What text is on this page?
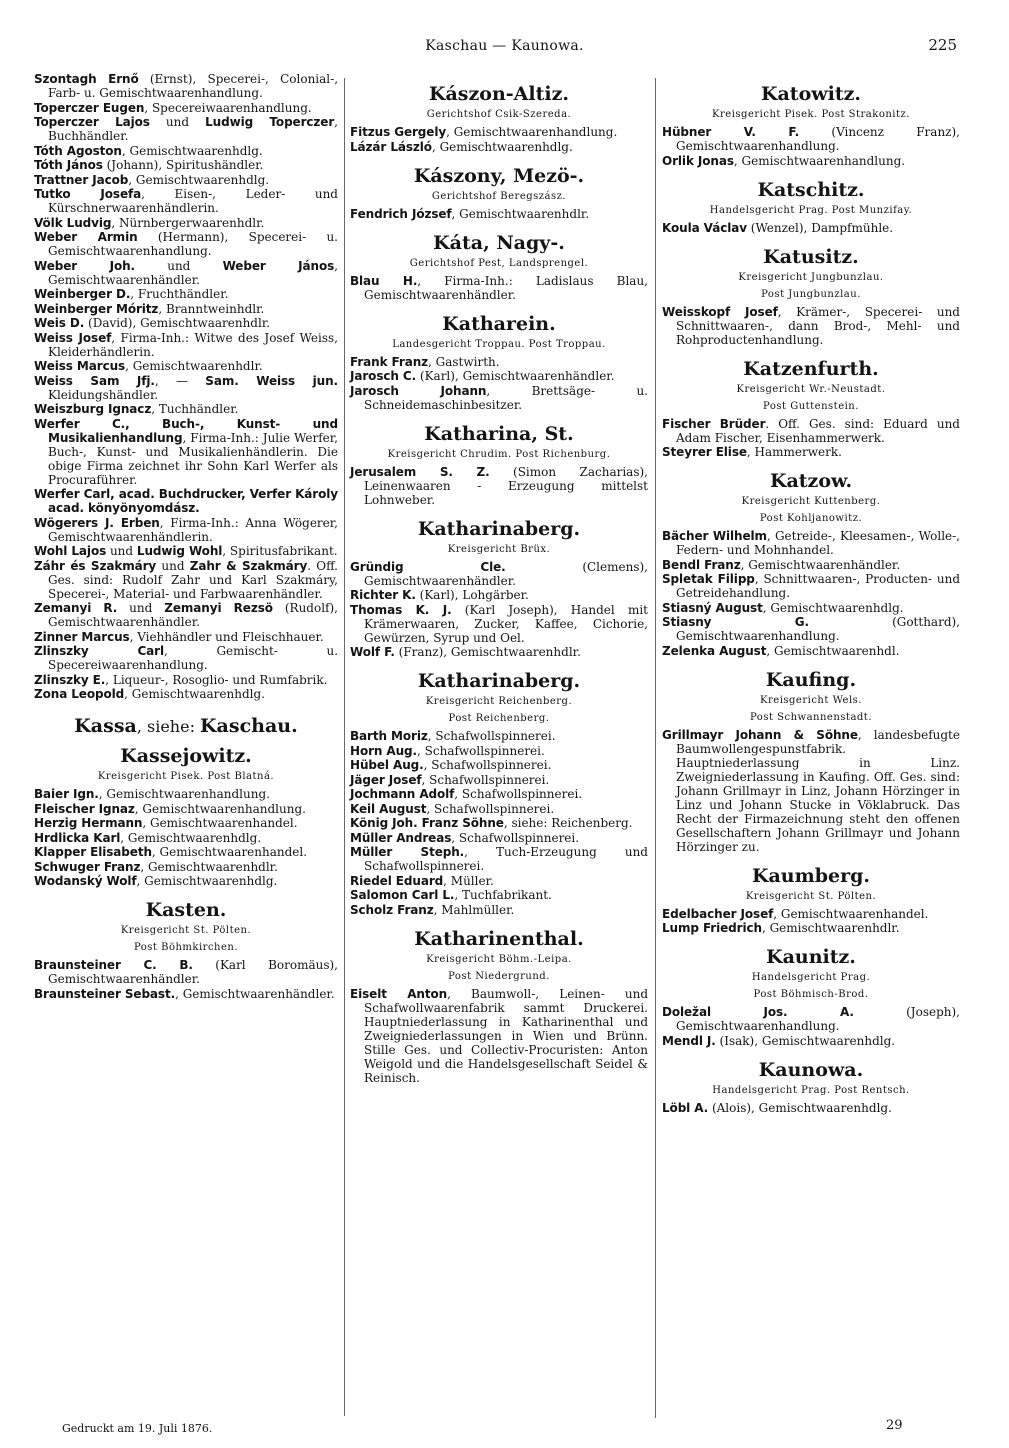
Kaschau — Kaunowa.	225
Szontagh Ernő (Ernst), Specerei-, Colonial-, Farb- u. Gemischtwaarenhandlung.
Toperczer Eugen, Specereiwaarenhandlung.
Toperczer Lajos und Ludwig Toperczer, Buchhändler.
Tóth Agoston, Gemischtwaarenhdlg.
Tóth János (Johann), Spiritushändler.
Trattner Jacob, Gemischtwaarenhdlg.
Tutko Josefa, Eisen-, Leder- und Kürschnerwaarenhändlerin.
Völk Ludvig, Nürnbergerwaarenhdlr.
Weber Armin (Hermann), Specerei- u. Gemischtwaarenhandlung.
Weber Joh. und Weber János, Gemischtwaarenhändler.
Weinberger D., Fruchthändler.
Weinberger Móritz, Branntweinhdlr.
Weis D. (David), Gemischtwaarenhdlr.
Weiss Josef, Firma-Inh.: Witwe des Josef Weiss, Kleiderhändlerin.
Weiss Marcus, Gemischtwaarenhdlr.
Weiss Sam Jfj., — Sam. Weiss jun. Kleidungshändler.
Weiszburg Ignacz, Tuchhändler.
Werfer C., Buch-, Kunst- und Musikalienhandlung, Firma-Inh.: Julie Werfer, Buch-, Kunst- und Musikalienhändlerin. Die obige Firma zeichnet ihr Sohn Karl Werfer als Procuraführer.
Werfer Carl, acad. Buchdrucker, Verfer Károly acad. könyönyomdász.
Wögerers J. Erben, Firma-Inh.: Anna Wögerer, Gemischtwaarenhändlerin.
Wohl Lajos und Ludwig Wohl, Spiritusfabrikant.
Záhr és Szakmáry und Zahr & Szakmáry. Off. Ges. sind: Rudolf Zahr und Karl Szakmáry, Specerei-, Material- und Farbwaarenhändler.
Zemanyi R. und Zemanyi Rezsö (Rudolf), Gemischtwaarenhändler.
Zinner Marcus, Viehhändler und Fleischhauer.
Zlinszky Carl, Gemischt- u. Specereiwaarenhandlung.
Zlinszky E., Liqueur-, Rosoglio- und Rumfabrik.
Zona Leopold, Gemischtwaarenhdlg.
Kassa, siehe: Kaschau.
Kassejowitz.
Kreisgericht Pisek. Post Blatná.
Baier Ign., Gemischtwaarenhandlung.
Fleischer Ignaz, Gemischtwaarenhandlung.
Herzig Hermann, Gemischtwaarenhandel.
Hrdlicka Karl, Gemischtwaarenhdlg.
Klapper Elisabeth, Gemischtwaarenhandel.
Schwuger Franz, Gemischtwaarenhdlr.
Wodanský Wolf, Gemischtwaarenhdlg.
Kasten.
Kreisgericht St. Pölten.
Post Böhmkirchen.
Braunsteiner C. B. (Karl Boromäus), Gemischtwaarenhändler.
Braunsteiner Sebast., Gemischtwaarenhändler.
Kászon-Altiz.
Gerichtshof Csik-Szereda.
Fitzus Gergely, Gemischtwaarenhandlung.
Lázár László, Gemischtwaarenhdlg.
Kászony, Mezö-.
Gerichtshof Beregszász.
Fendrich József, Gemischtwaarenhdlr.
Káta, Nagy-.
Gerichtshof Pest, Landsprengel.
Blau H., Firma-Inh.: Ladislaus Blau, Gemischtwaarenhändler.
Katharein.
Landesgericht Troppau. Post Troppau.
Frank Franz, Gastwirth.
Jarosch C. (Karl), Gemischtwaarenhändler.
Jarosch Johann, Brettsäge- u. Schneidemaschinbesitzer.
Katharina, St.
Kreisgericht Chrudim. Post Richenburg.
Jerusalem S. Z. (Simon Zacharias), Leinenwaaren - Erzeugung mittelst Lohnweber.
Katharinaberg.
Kreisgericht Brüx.
Gründig Cle. (Clemens), Gemischtwaarenhändler.
Richter K. (Karl), Lohgärber.
Thomas K. J. (Karl Joseph), Handel mit Krämerwaaren, Zucker, Kaffee, Cichorie, Gewürzen, Syrup und Oel.
Wolf F. (Franz), Gemischtwaarenhdlr.
Katharinaberg.
Kreisgericht Reichenberg.
Post Reichenberg.
Barth Moriz, Schafwollspinnerei.
Horn Aug., Schafwollspinnerei.
Hübel Aug., Schafwollspinnerei.
Jäger Josef, Schafwollspinnerei.
Jochmann Adolf, Schafwollspinnerei.
Keil August, Schafwollspinnerei.
König Joh. Franz Söhne, siehe: Reichenberg.
Müller Andreas, Schafwollspinnerei.
Müller Steph., Tuch-Erzeugung und Schafwollspinnerei.
Riedel Eduard, Müller.
Salomon Carl L., Tuchfabrikant.
Scholz Franz, Mahlmüller.
Katharinenthal.
Kreisgericht Böhm.-Leipa.
Post Niedergrund.
Eiselt Anton, Baumwoll-, Leinen- und Schafwollwaarenfabrik sammt Druckerei. Hauptniederlassung in Katharinenthal und Zweigniederlassungen in Wien und Brünn. Stille Ges. und Collectiv-Procuristen: Anton Weigold und die Handelsgesellschaft Seidel & Reinisch.
Katowitz.
Kreisgericht Pisek. Post Strakonitz.
Hübner V. F. (Vincenz Franz), Gemischtwaarenhandlung.
Orlik Jonas, Gemischtwaarenhandlung.
Katschitz.
Handelsgericht Prag. Post Munzifay.
Koula Václav (Wenzel), Dampfmühle.
Katusitz.
Kreisgericht Jungbunzlau.
Post Jungbunzlau.
Weisskopf Josef, Krämer-, Specerei- und Schnittwaaren-, dann Brod-, Mehl- und Rohproductenhandlung.
Katzenfurth.
Kreisgericht Wr.-Neustadt.
Post Guttenstein.
Fischer Brüder. Off. Ges. sind: Eduard und Adam Fischer, Eisenhammerwerk.
Steyrer Elise, Hammerwerk.
Katzow.
Kreisgericht Kuttenberg.
Post Kohljanowitz.
Bächer Wilhelm, Getreide-, Kleesamen-, Wolle-, Federn- und Mohnhandel.
Bendl Franz, Gemischtwaarenhändler.
Spletak Filipp, Schnittwaaren-, Producten- und Getreidehandlung.
Stiasný August, Gemischtwaarenhdlg.
Stiasny G. (Gotthard), Gemischtwaarenhandlung.
Zelenka August, Gemischtwaarenhdl.
Kaufing.
Kreisgericht Wels.
Post Schwannenstadt.
Grillmayr Johann & Söhne, landesbefugte Baumwollengespunstfabrik. Hauptniederlassung in Linz. Zweigniederlassung in Kaufing. Off. Ges. sind: Johann Grillmayr in Linz, Johann Hörzinger in Linz und Johann Stucke in Vöklabruck. Das Recht der Firmazeichnung steht den offenen Gesellschaftern Johann Grillmayr und Johann Hörzinger zu.
Kaumberg.
Kreisgericht St. Pölten.
Edelbacher Josef, Gemischtwaarenhandel.
Lump Friedrich, Gemischtwaarenhdlr.
Kaunitz.
Handelsgericht Prag.
Post Böhmisch-Brod.
Doležal Jos. A. (Joseph), Gemischtwaarenhandlung.
Mendl J. (Isak), Gemischtwaarenhdlg.
Kaunowa.
Handelsgericht Prag. Post Rentsch.
Löbl A. (Alois), Gemischtwaarenhdlg.
Gedruckt am 19. Juli 1876.	29
